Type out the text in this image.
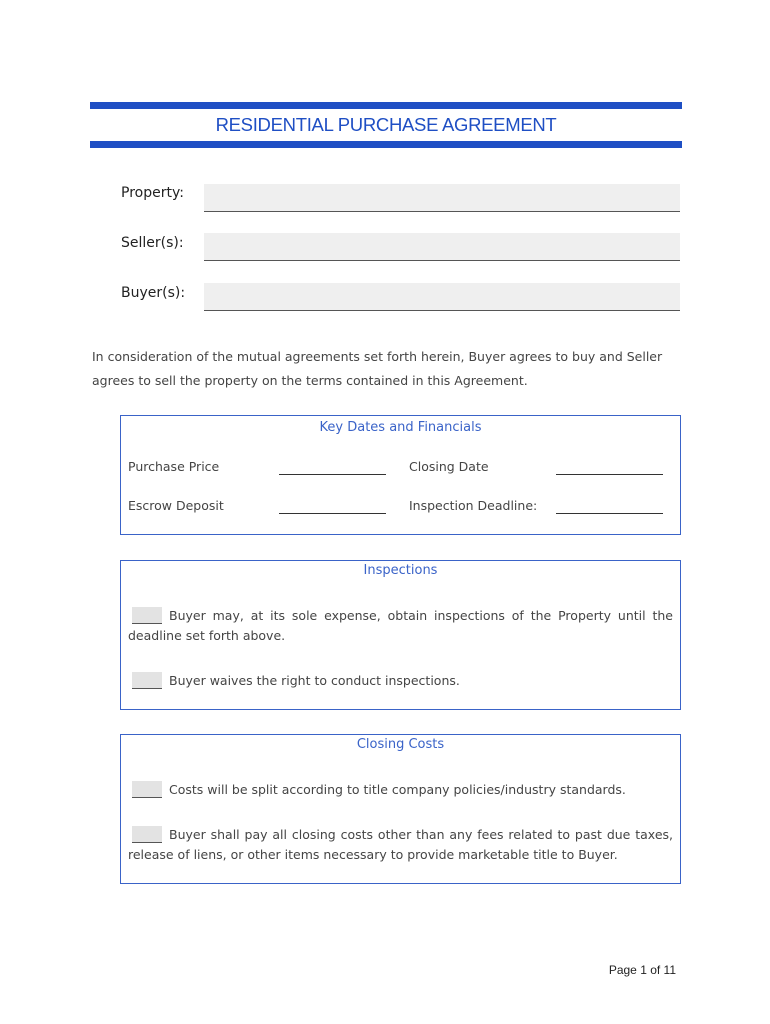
RESIDENTIAL PURCHASE AGREEMENT
Property:
Seller(s):
Buyer(s):
In consideration of the mutual agreements set forth herein, Buyer agrees to buy and Seller agrees to sell the property on the terms contained in this Agreement.
Key Dates and Financials
Purchase Price	Closing Date
Escrow Deposit	Inspection Deadline:
Inspections
Buyer may, at its sole expense, obtain inspections of the Property until the deadline set forth above.
Buyer waives the right to conduct inspections.
Closing Costs
Costs will be split according to title company policies/industry standards.
Buyer shall pay all closing costs other than any fees related to past due taxes, release of liens, or other items necessary to provide marketable title to Buyer.
Page 1 of 11
